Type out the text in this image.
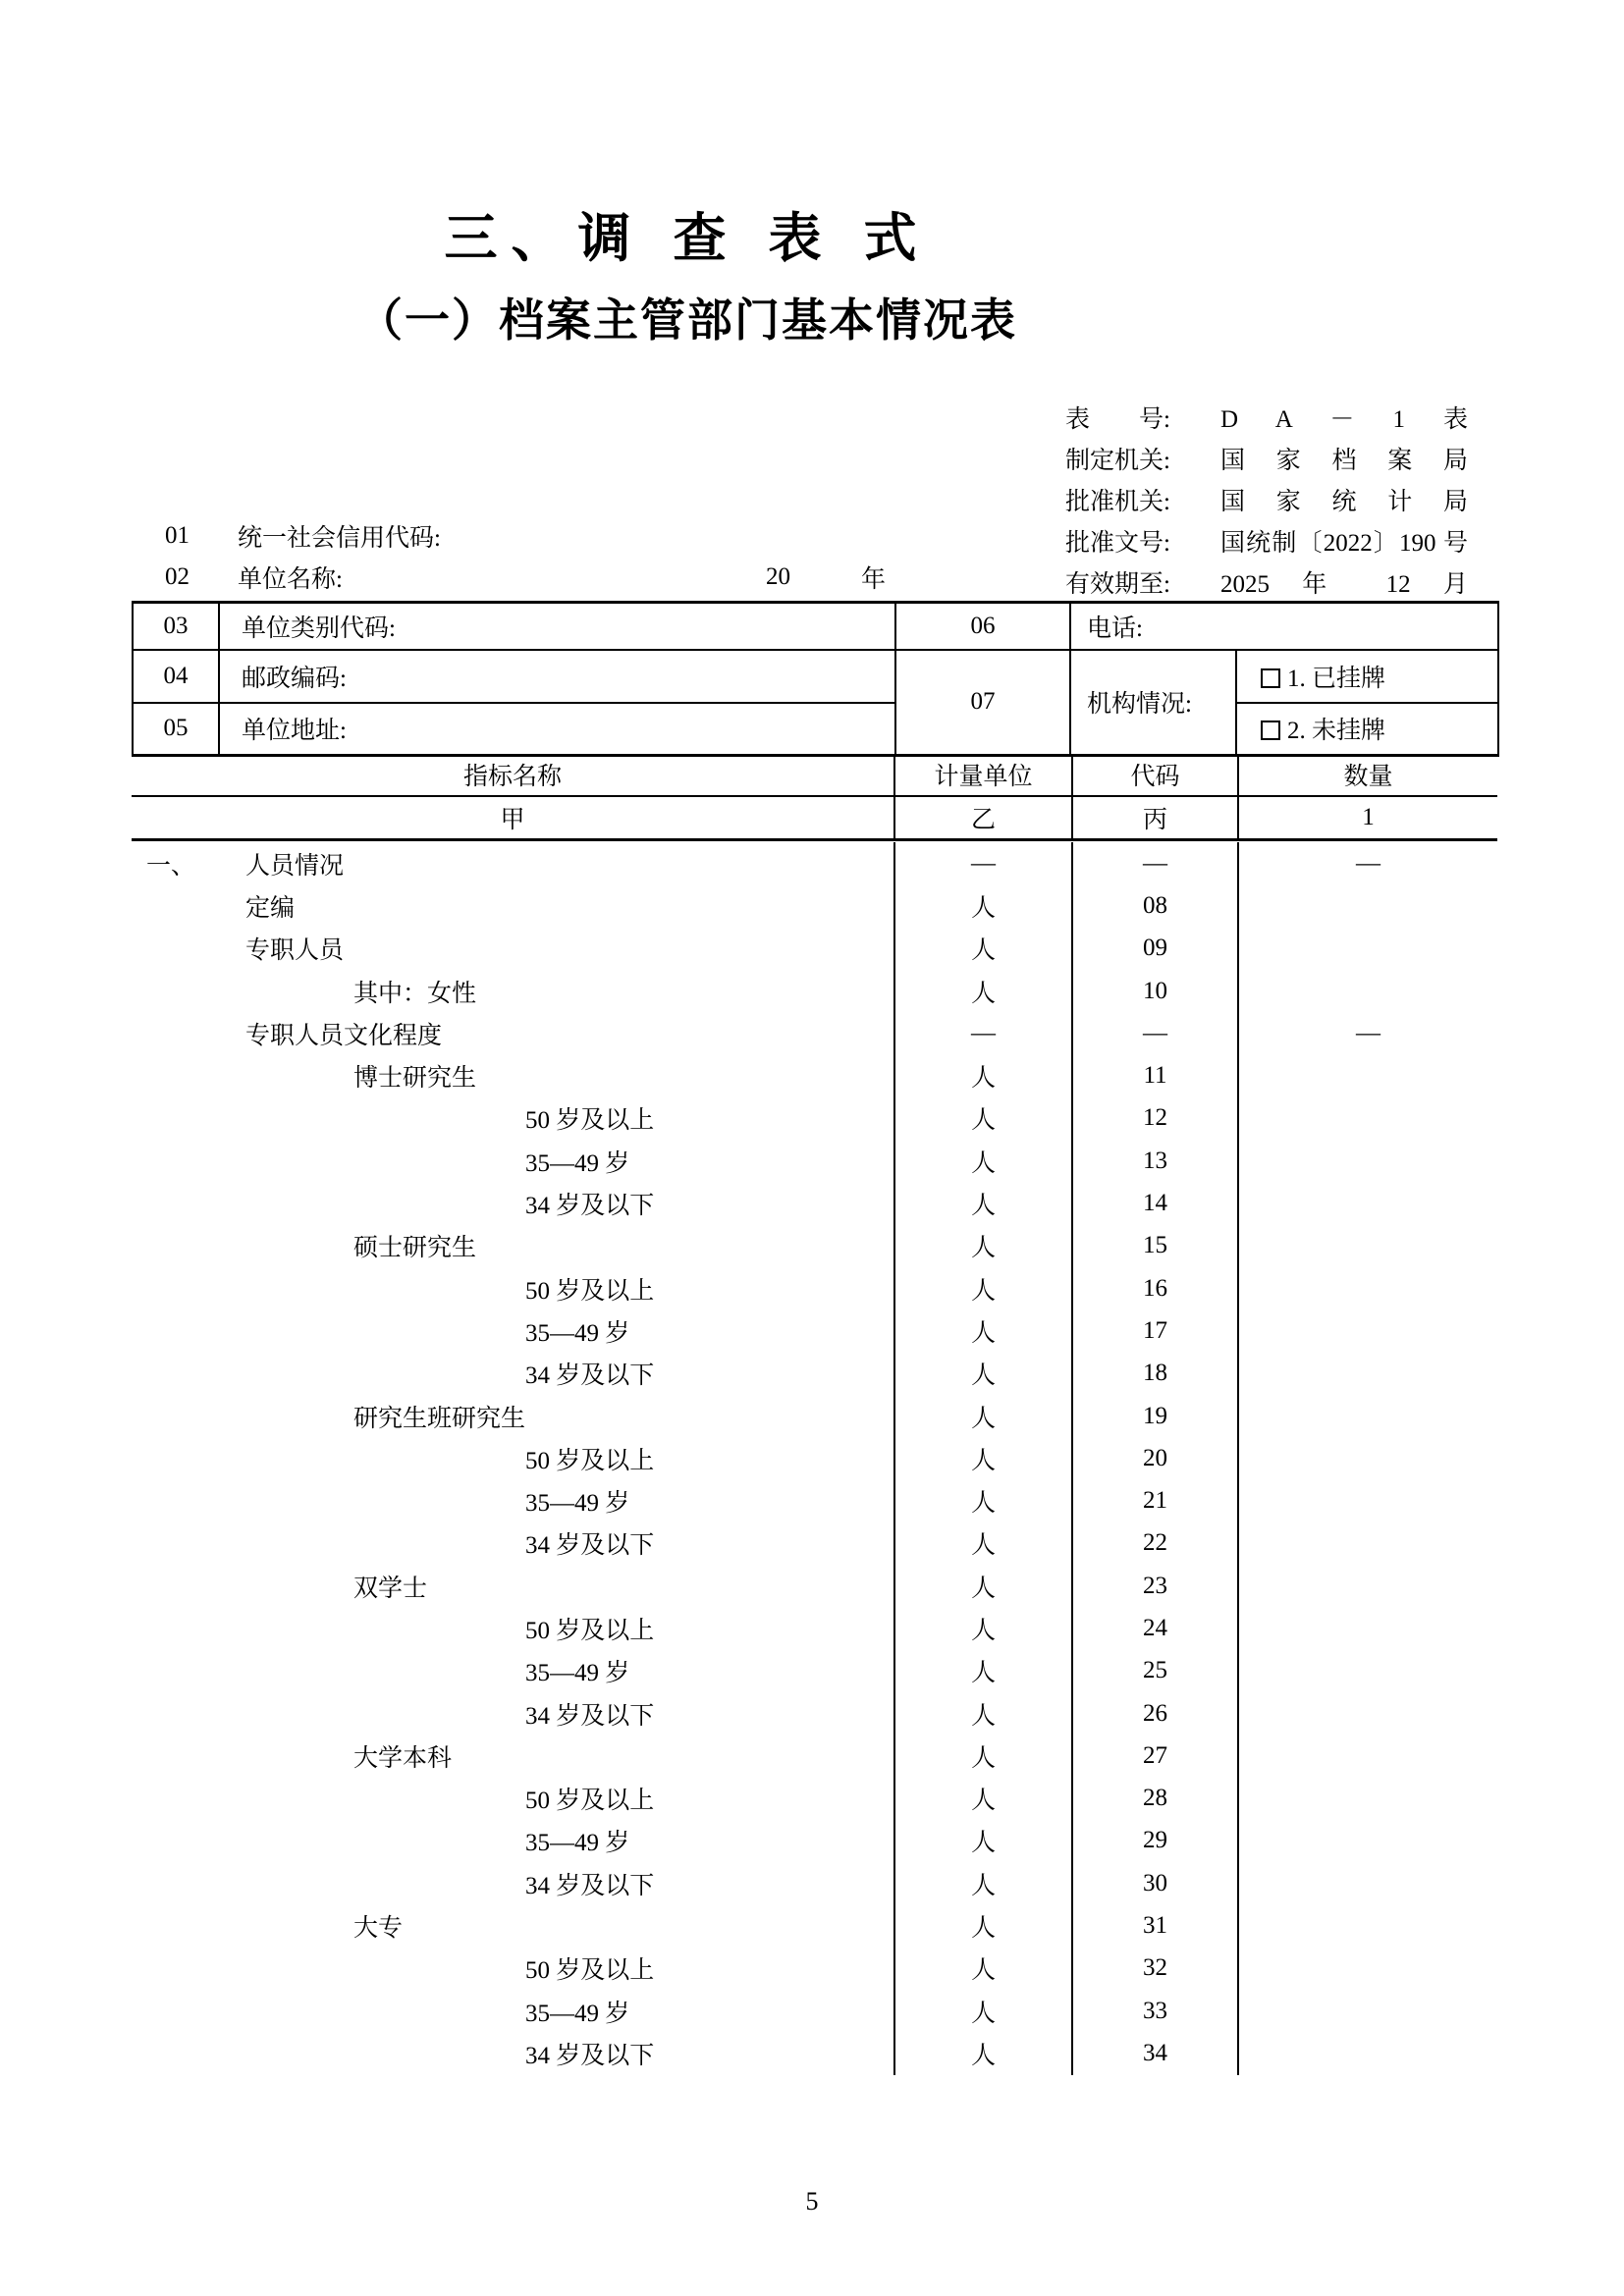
三、调 查 表 式
（一）档案主管部门基本情况表
表　　号: D A － 1 表
制定机关: 国 家 档 案 局
批准机关: 国 家 统 计 局
批准文号: 国统制〔2022〕190 号
有效期至: 2025 年 12 月
01	统一社会信用代码:
02	单位名称:	20	年
03	单位类别代码:	06	电话:	
04	邮政编码:	07	机构情况:	1. 已挂牌
05	单位地址:			2. 未挂牌
指标名称	计量单位	代码	数量
甲	乙	丙	1
一、 人员情况	—	—	—

定编	人	08	

专职人员	人	09	

其中：女性	人	10	

专职人员文化程度	—	—	—

博士研究生	人	11	

50 岁及以上	人	12	

35—49 岁	人	13	

34 岁及以下	人	14	

硕士研究生	人	15	

50 岁及以上	人	16	

35—49 岁	人	17	

34 岁及以下	人	18	

研究生班研究生	人	19	

50 岁及以上	人	20	

35—49 岁	人	21	

34 岁及以下	人	22	

双学士	人	23	

50 岁及以上	人	24	

35—49 岁	人	25	

34 岁及以下	人	26	

大学本科	人	27	

50 岁及以上	人	28	

35—49 岁	人	29	

34 岁及以下	人	30	

大专	人	31	

50 岁及以上	人	32	

35—49 岁	人	33	

34 岁及以下	人	34	
5
